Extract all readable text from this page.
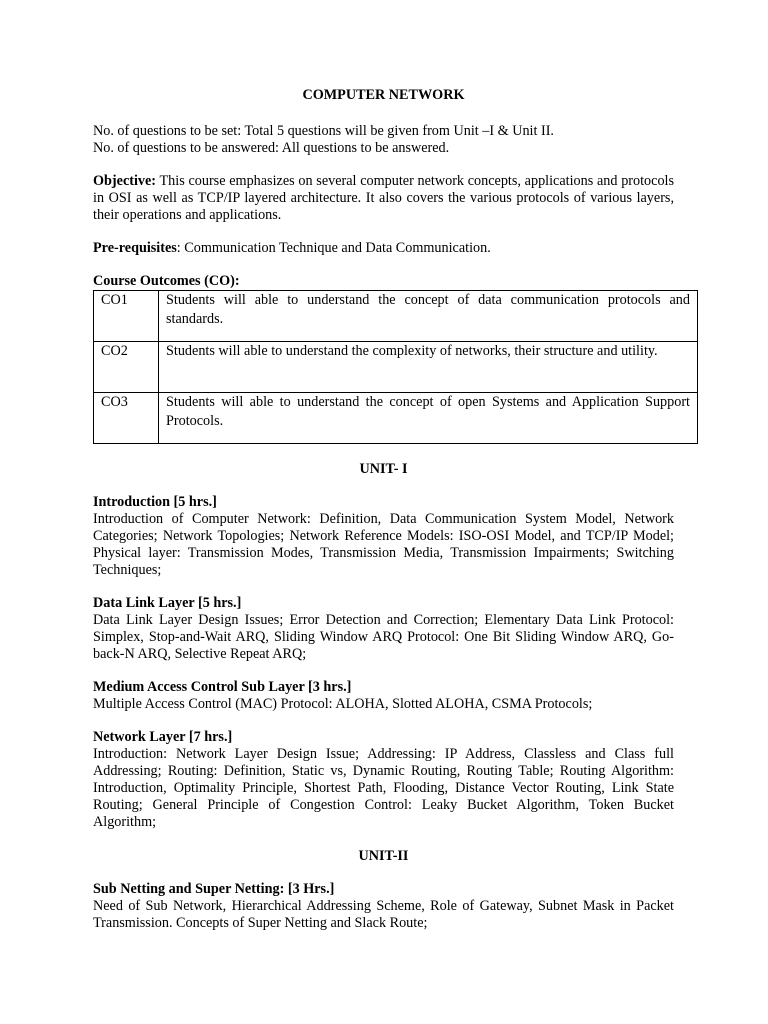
COMPUTER NETWORK

No. of questions to be set: Total 5 questions will be given from Unit –I & Unit II.

No. of questions to be answered: All questions to be answered.

Objective: This course emphasizes on several computer network concepts, applications and protocols in OSI as well as TCP/IP layered architecture. It also covers the various protocols of various layers, their operations and applications.

Pre-requisites: Communication Technique and Data Communication.

Course Outcomes (CO):

CO1	Students will able to understand the concept of data communication protocols and standards.
CO2	Students will able to understand the complexity of networks, their structure and utility.
CO3	Students will able to understand the concept of open Systems and Application Support Protocols.
UNIT- I

Introduction [5 hrs.]

Introduction of Computer Network: Definition, Data Communication System Model, Network Categories; Network Topologies; Network Reference Models: ISO-OSI Model, and TCP/IP Model; Physical layer: Transmission Modes, Transmission Media, Transmission Impairments; Switching Techniques;

Data Link Layer [5 hrs.]

Data Link Layer Design Issues; Error Detection and Correction; Elementary Data Link Protocol: Simplex, Stop-and-Wait ARQ, Sliding Window ARQ Protocol: One Bit Sliding Window ARQ, Go-back-N ARQ, Selective Repeat ARQ;

Medium Access Control Sub Layer [3 hrs.]

Multiple Access Control (MAC) Protocol: ALOHA, Slotted ALOHA, CSMA Protocols;

Network Layer [7 hrs.]

Introduction: Network Layer Design Issue; Addressing: IP Address, Classless and Class full Addressing; Routing: Definition, Static vs, Dynamic Routing, Routing Table; Routing Algorithm: Introduction, Optimality Principle, Shortest Path, Flooding, Distance Vector Routing, Link State Routing; General Principle of Congestion Control: Leaky Bucket Algorithm, Token Bucket Algorithm;

UNIT-II

Sub Netting and Super Netting: [3 Hrs.]

Need of Sub Network, Hierarchical Addressing Scheme, Role of Gateway, Subnet Mask in Packet Transmission. Concepts of Super Netting and Slack Route;
